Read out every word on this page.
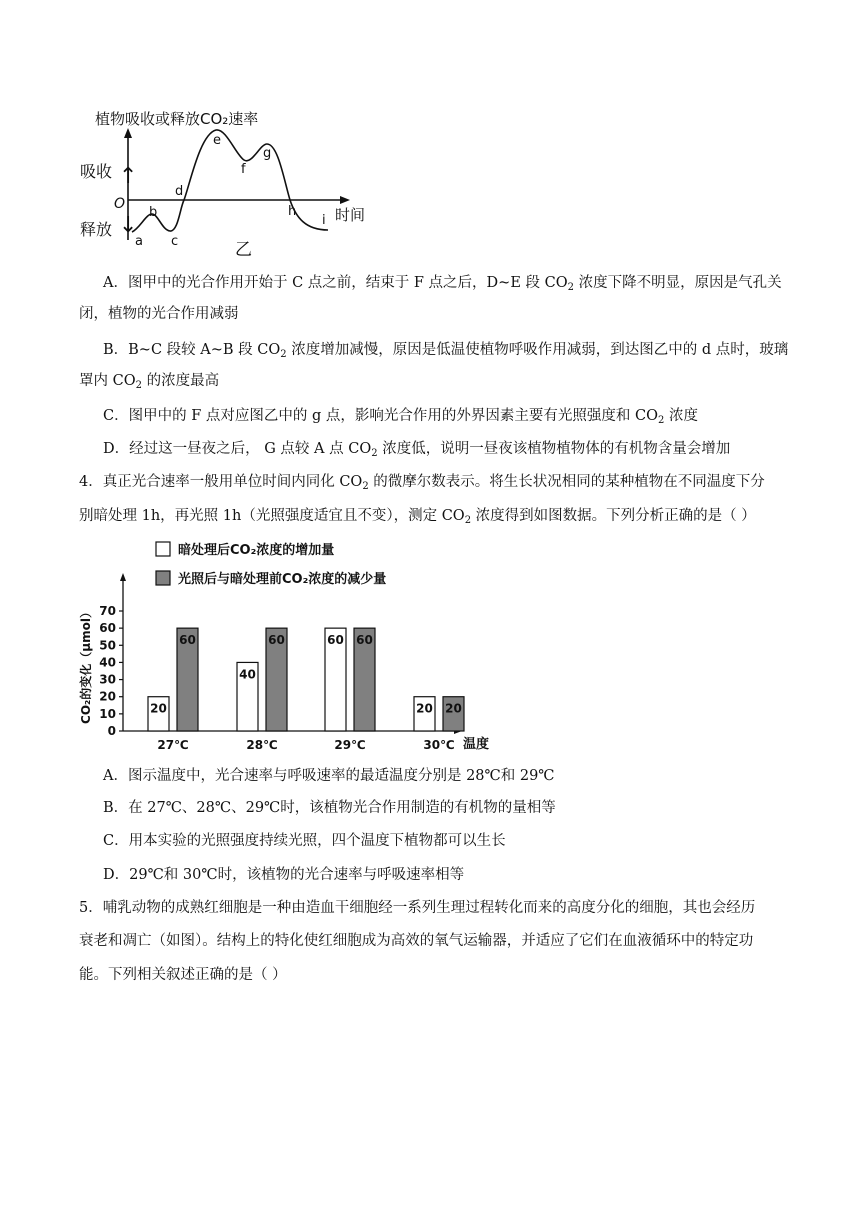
植物吸收或释放CO₂速率
吸收 ↑
O
释放 ↓	时间
乙
a
b
c
d
e
f
g
h
i
A．图甲中的光合作用开始于 C 点之前，结束于 F 点之后，D~E 段 $CO_2$ 浓度下降不明显，原因是气孔关
闭，植物的光合作用减弱
B．B~C 段较 A~B 段 $CO_2$ 浓度增加减慢，原因是低温使植物呼吸作用减弱，到达图乙中的 d 点时，玻璃
罩内 $CO_2$ 的浓度最高
C．图甲中的 F 点对应图乙中的 g 点，影响光合作用的外界因素主要有光照强度和 $CO_2$ 浓度
D．经过这一昼夜之后， G 点较 A 点 $CO_2$ 浓度低，说明一昼夜该植物植物体的有机物含量会增加
4．真正光合速率一般用单位时间内同化 $CO_2$ 的微摩尔数表示。将生长状况相同的某种植物在不同温度下分
别暗处理 1h，再光照 1h（光照强度适宜且不变），测定 $CO_2$ 浓度得到如图数据。下列分析正确的是（ ）
暗处理后CO₂浓度的增加量
光照后与暗处理前CO₂浓度的减少量
温度
CO₂的变化（μmol）
0
10
20
30
40
50
60
70
20
60
27℃
40
60
28℃
60 60
29℃
20 20
30℃
A．图示温度中，光合速率与呼吸速率的最适温度分别是 28℃和 29℃
B．在 27℃、28℃、29℃时，该植物光合作用制造的有机物的量相等
C．用本实验的光照强度持续光照，四个温度下植物都可以生长
D．29℃和 30℃时，该植物的光合速率与呼吸速率相等
5．哺乳动物的成熟红细胞是一种由造血干细胞经一系列生理过程转化而来的高度分化的细胞，其也会经历
衰老和凋亡（如图）。结构上的特化使红细胞成为高效的氧气运输器，并适应了它们在血液循环中的特定功
能。下列相关叙述正确的是（ ）
